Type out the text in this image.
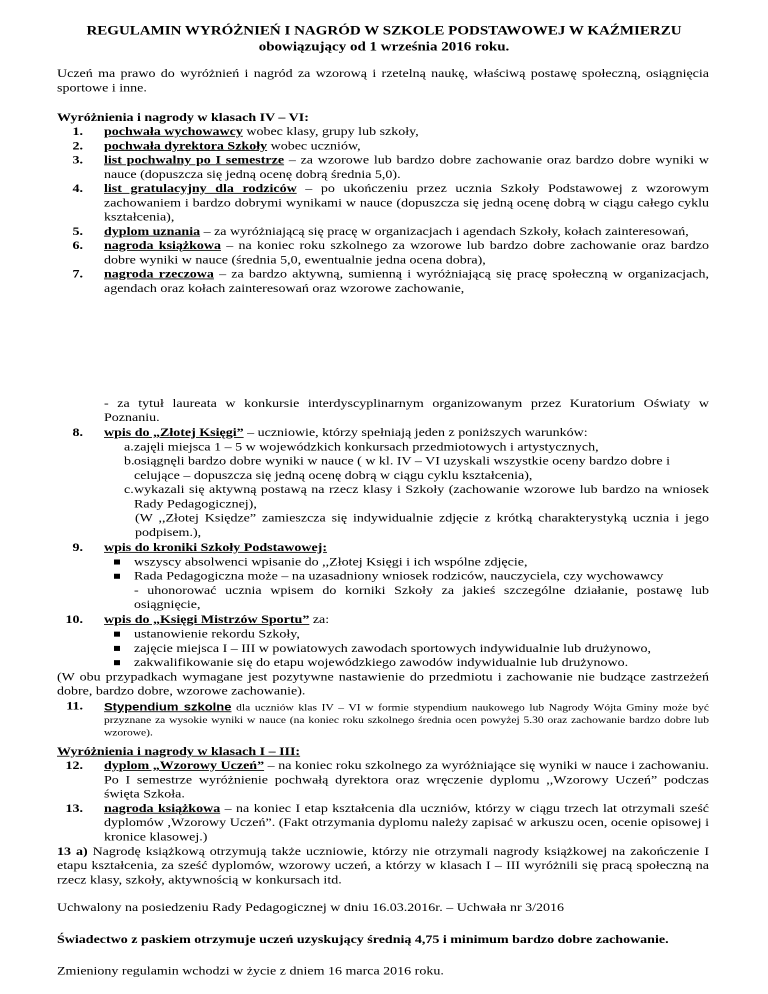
REGULAMIN WYRÓŻNIEŃ I NAGRÓD W SZKOLE PODSTAWOWEJ W KAŹMIERZU
obowiązujący od 1 września 2016 roku.
Uczeń ma prawo do wyróżnień i nagród za wzorową i rzetelną naukę, właściwą postawę społeczną, osiągnięcia sportowe i inne.
Wyróżnienia i nagrody w klasach IV – VI:
1. pochwała wychowawcy wobec klasy, grupy lub szkoły,
2. pochwała dyrektora Szkoły wobec uczniów,
3. list pochwalny po I semestrze – za wzorowe lub bardzo dobre zachowanie oraz bardzo dobre wyniki w nauce (dopuszcza się jedną ocenę dobrą średnia 5,0).
4. list gratulacyjny dla rodziców – po ukończeniu przez ucznia Szkoły Podstawowej z wzorowym zachowaniem i bardzo dobrymi wynikami w nauce (dopuszcza się jedną ocenę dobrą w ciągu całego cyklu kształcenia),
5. dyplom uznania – za wyróżniającą się pracę w organizacjach i agendach Szkoły, kołach zainteresowań,
6. nagroda książkowa – na koniec roku szkolnego za wzorowe lub bardzo dobre zachowanie oraz bardzo dobre wyniki w nauce (średnia 5,0, ewentualnie jedna ocena dobra),
7. nagroda rzeczowa – za bardzo aktywną, sumienną i wyróżniającą się pracę społeczną w organizacjach, agendach oraz kołach zainteresowań oraz wzorowe zachowanie,
- za tytuł laureata w konkursie interdyscyplinarnym organizowanym przez Kuratorium Oświaty w Poznaniu.
8. wpis do „Złotej Księgi” – uczniowie, którzy spełniają jeden z poniższych warunków:
a. zajęli miejsca 1 – 5 w wojewódzkich konkursach przedmiotowych i artystycznych,
b. osiągnęli bardzo dobre wyniki w nauce ( w kl. IV – VI uzyskali wszystkie oceny bardzo dobre i celujące – dopuszcza się jedną ocenę dobrą w ciągu cyklu kształcenia),
c. wykazali się aktywną postawą na rzecz klasy i Szkoły (zachowanie wzorowe lub bardzo na wniosek Rady Pedagogicznej),
(W ,,Złotej Księdze” zamieszcza się indywidualnie zdjęcie z krótką charakterystyką ucznia i jego podpisem.),
9. wpis do kroniki Szkoły Podstawowej:
wszyscy absolwenci wpisanie do ,,Złotej Księgi i ich wspólne zdjęcie,
Rada Pedagogiczna może – na uzasadniony wniosek rodziców, nauczyciela, czy wychowawcy
- uhonorować ucznia wpisem do korniki Szkoły za jakieś szczególne działanie, postawę lub osiągnięcie,
10. wpis do „Księgi Mistrzów Sportu” za:
ustanowienie rekordu Szkoły,
zajęcie miejsca I – III w powiatowych zawodach sportowych indywidualnie lub drużynowo,
zakwalifikowanie się do etapu wojewódzkiego zawodów indywidualnie lub drużynowo.
(W obu przypadkach wymagane jest pozytywne nastawienie do przedmiotu i zachowanie nie budzące zastrzeżeń dobre, bardzo dobre, wzorowe zachowanie).
11. Stypendium szkolne dla uczniów klas IV – VI w formie stypendium naukowego lub Nagrody Wójta Gminy może być przyznane za wysokie wyniki w nauce (na koniec roku szkolnego średnia ocen powyżej 5.30 oraz zachowanie bardzo dobre lub wzorowe).
Wyróżnienia i nagrody w klasach I – III:
12. dyplom „Wzorowy Uczeń” – na koniec roku szkolnego za wyróżniające się wyniki w nauce i zachowaniu. Po I semestrze wyróżnienie pochwałą dyrektora oraz wręczenie dyplomu ,,Wzorowy Uczeń” podczas święta Szkoła.
13. nagroda książkowa – na koniec I etap kształcenia dla uczniów, którzy w ciągu trzech lat otrzymali sześć dyplomów ,Wzorowy Uczeń”. (Fakt otrzymania dyplomu należy zapisać w arkuszu ocen, ocenie opisowej i kronice klasowej.)
13 a) Nagrodę książkową otrzymują także uczniowie, którzy nie otrzymali nagrody książkowej na zakończenie I etapu kształcenia, za sześć dyplomów, wzorowy uczeń, a którzy w klasach I – III wyróżnili się pracą społeczną na rzecz klasy, szkoły, aktywnością w konkursach itd.
Uchwalony na posiedzeniu Rady Pedagogicznej w dniu 16.03.2016r. – Uchwała nr 3/2016
Świadectwo z paskiem otrzymuje uczeń uzyskujący średnią 4,75 i minimum bardzo dobre zachowanie.
Zmieniony regulamin wchodzi w życie z dniem 16 marca 2016 roku.
